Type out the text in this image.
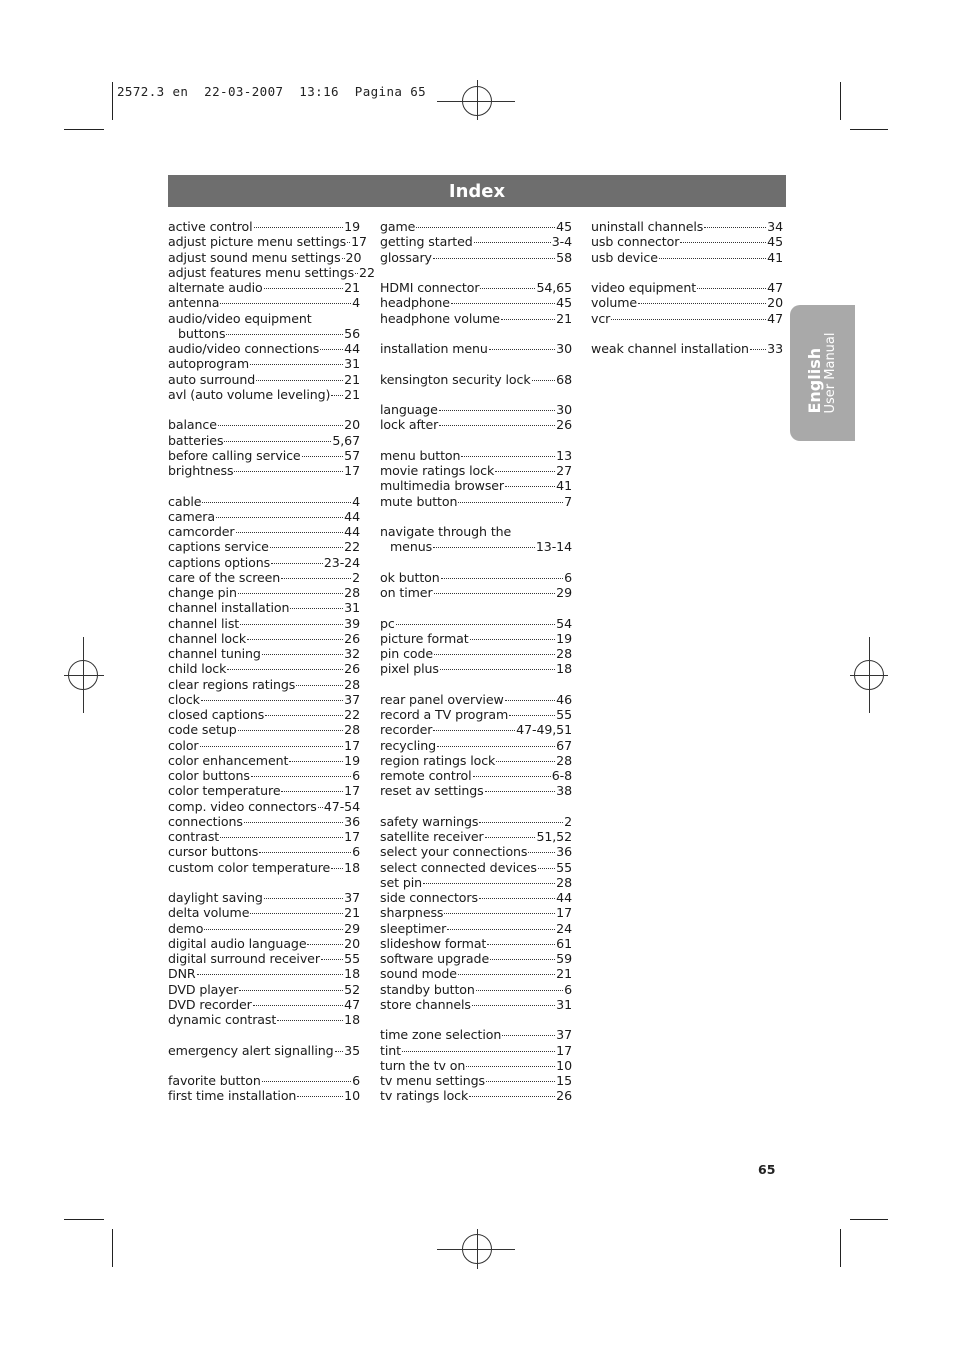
2572.3 en  22-03-2007  13:16  Pagina 65
Index
active control	19
adjust picture menu settings 17
adjust sound menu settings 20
adjust features menu settings 22
alternate audio	21
antenna	4
audio/video equipment
buttons	56
audio/video connections 44
autoprogram	31
auto surround	21
avl (auto volume leveling) 21
balance	20
batteries	5,67
before calling service	57
brightness	17
cable	4
camera	44
camcorder	44
captions service	22
captions options	23-24
care of the screen	2
change pin	28
channel installation	31
channel list	39
channel lock	26
channel tuning	32
child lock	26
clear regions ratings	28
clock	37
closed captions	22
code setup	28
color	17
color enhancement	19
color buttons	6
color temperature	17
comp. video connectors 47-54
connections	36
contrast	17
cursor buttons	6
custom color temperature 18
daylight saving	37
delta volume	21
demo	29
digital audio language	20
digital surround receiver 55
DNR	18
DVD player	52
DVD recorder	47
dynamic contrast	18
emergency alert signalling 35
favorite button	6
first time installation	10
game	45
getting started	3-4
glossary	58
HDMI connector	54,65
headphone	45
headphone volume	21
installation menu	30
kensington security lock 68
language	30
lock after	26
menu button	13
movie ratings lock	27
multimedia browser	41
mute button	7
navigate through the
menus	13-14
ok button	6
on timer	29
pc	54
picture format	19
pin code	28
pixel plus	18
rear panel overview	46
record a TV program	55
recorder	47-49,51
recycling	67
region ratings lock	28
remote control	6-8
reset av settings	38
safety warnings	2
satellite receiver	51,52
select your connections 36
select connected devices 55
set pin	28
side connectors	44
sharpness	17
sleeptimer	24
slideshow format	61
software upgrade	59
sound mode	21
standby button	6
store channels	31
time zone selection	37
tint	17
turn the tv on	10
tv menu settings	15
tv ratings lock	26
uninstall channels	34
usb connector	45
usb device	41
video equipment	47
volume	20
vcr	47
weak channel installation 33 English User Manual
65
